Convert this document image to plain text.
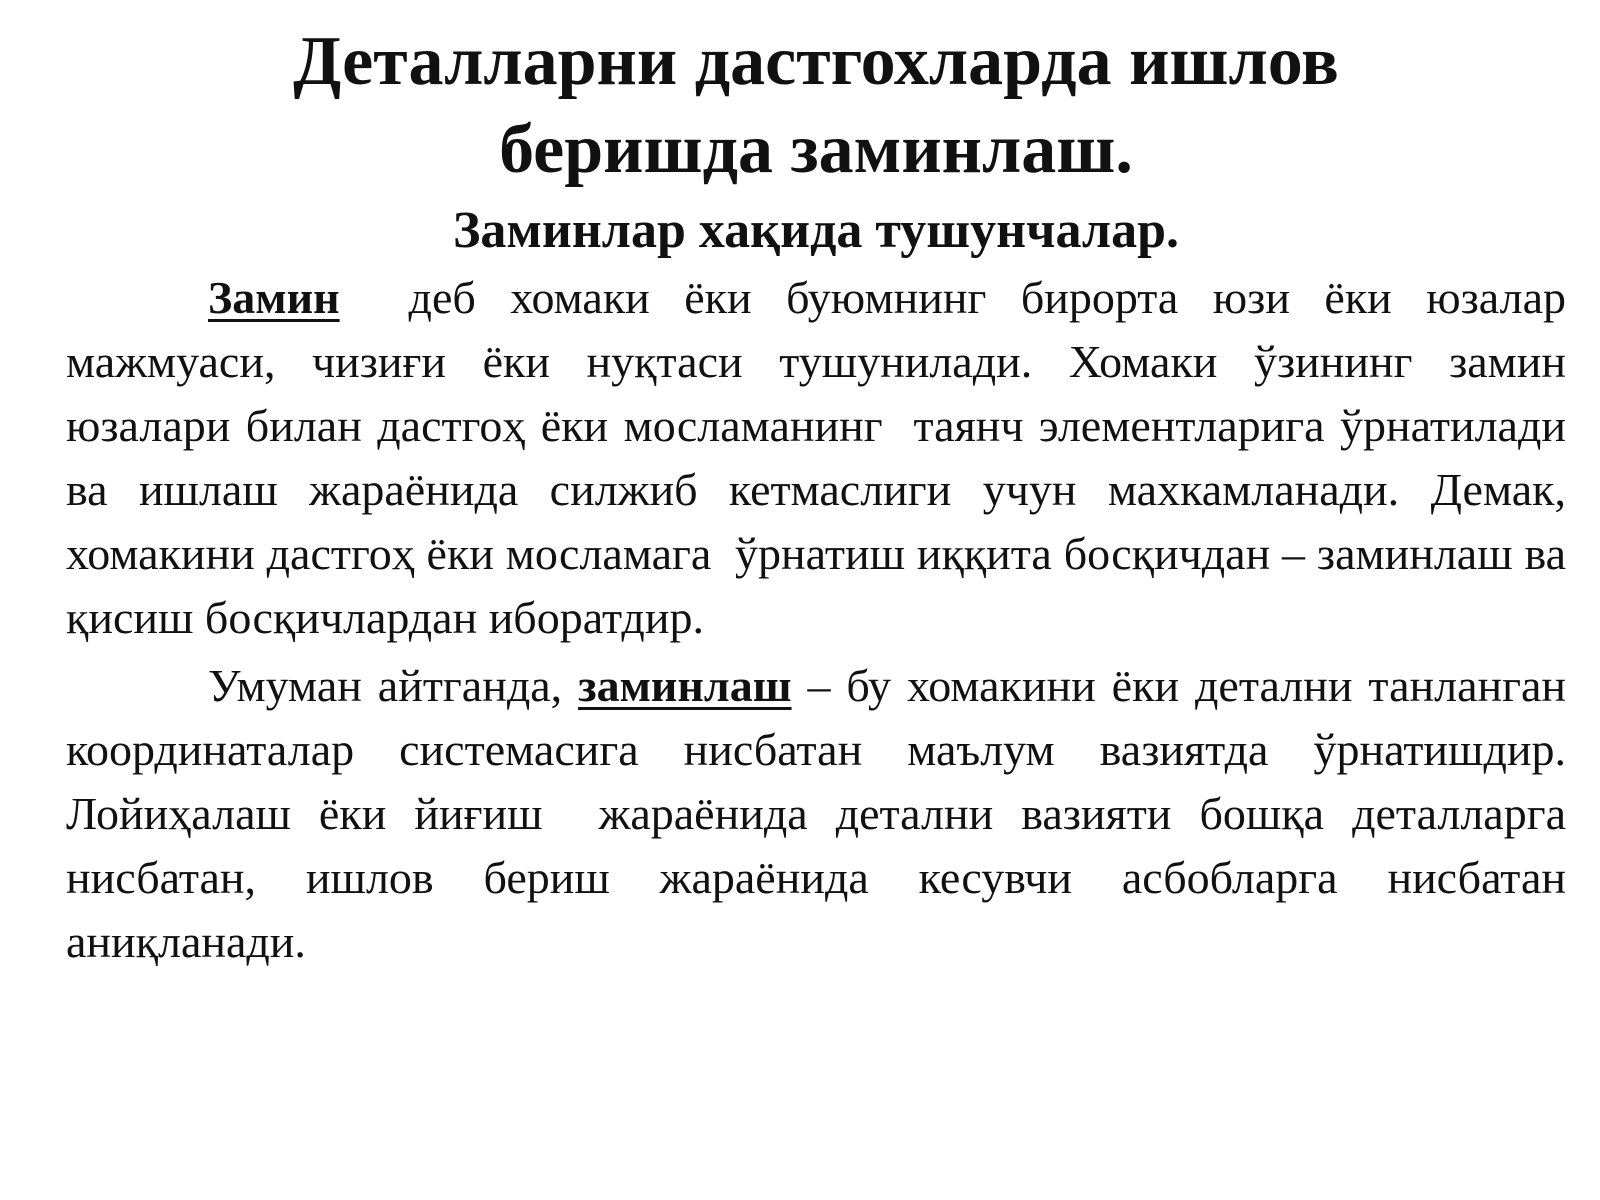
Деталларни дастгохларда ишлов
беришда заминлаш.
Заминлар хақида тушунчалар.

Замин  деб хомаки ёки буюмнинг бирорта юзи ёки юзалар мажмуаси, чизиғи ёки нуқтаси тушунилади. Хомаки ўзининг замин юзалари билан дастгоҳ ёки мосламанинг  таянч элементларига ўрнатилади ва ишлаш жараёнида силжиб кетмаслиги учун махкамланади. Демак, хомакини дастгоҳ ёки мосламага  ўрнатиш иққита босқичдан – заминлаш ва қисиш босқичлардан иборатдир.

Умуман айтганда, заминлаш – бу хомакини ёки детални танланган координаталар системасига нисбатан маълум вазиятда ўрнатишдир. Лойиҳалаш ёки йиғиш  жараёнида детални вазияти бошқа деталларга нисбатан, ишлов бериш жараёнида кесувчи асбобларга нисбатан аниқланади.
